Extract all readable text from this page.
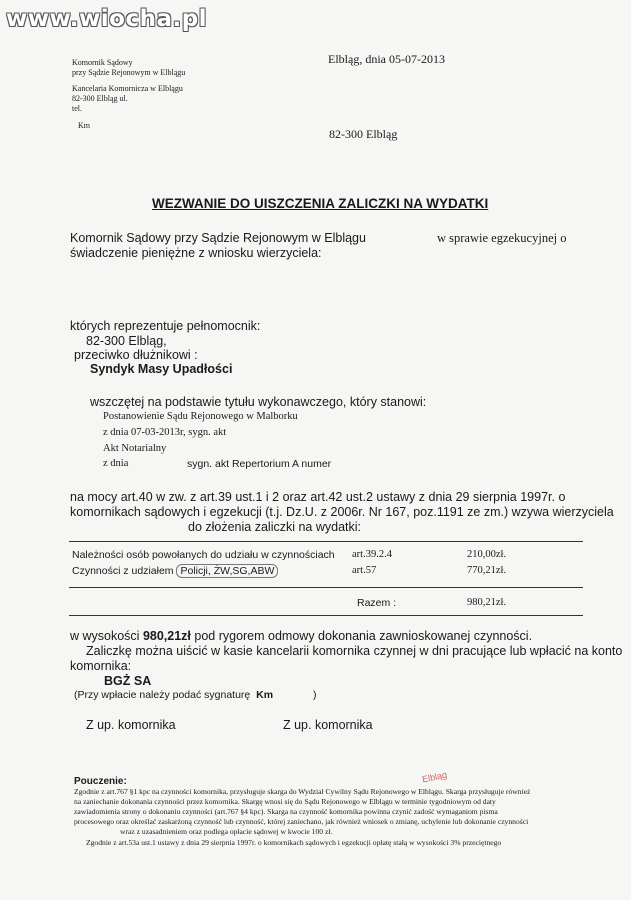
www.wiocha.pl
Komornik Sądowy
przy Sądzie Rejonowym w Elblągu
Kancelaria Komornicza w Elblągu
82-300 Elbląg ul.
tel.
Km
Elbląg, dnia 05-07-2013
82-300 Elbląg
WEZWANIE DO UISZCZENIA ZALICZKI NA WYDATKI
Komornik Sądowy przy Sądzie Rejonowym w Elblągu	w sprawie egzekucyjnej o
świadczenie pieniężne z wniosku wierzyciela:
których reprezentuje pełnomocnik:
82-300 Elbląg,
przeciwko dłużnikowi :
Syndyk Masy Upadłości
wszczętej na podstawie tytułu wykonawczego, który stanowi:
Postanowienie Sądu Rejonowego w Malborku
z dnia 07-03-2013r, sygn. akt
Akt Notarialny
z dnia	sygn. akt Repertorium A numer
na mocy art.40 w zw. z art.39 ust.1 i 2 oraz art.42 ust.2 ustawy z dnia 29 sierpnia 1997r. o
komornikach sądowych i egzekucji (t.j. Dz.U. z 2006r. Nr 167, poz.1191 ze zm.) wzywa wierzyciela
do złożenia zaliczki na wydatki:
Należności osób powołanych do udziału w czynnościach art.39.2.4	210,00zł.
Czynności z udziałem Policji, ŻW,SG,ABW	art.57	770,21zł.
Razem :	980,21zł.
w wysokości 980,21zł pod rygorem odmowy dokonania zawnioskowanej czynności.
Zaliczkę można uiścić w kasie kancelarii komornika czynnej w dni pracujące lub wpłacić na konto
komornika:
BGŻ SA
(Przy wpłacie należy podać sygnaturę Km	)
Z up. komornika	Z up. komornika
Elbląg
Pouczenie:
Zgodnie z art.767 §1 kpc na czynności komornika, przysługuje skarga do Wydział Cywilny Sądu Rejonowego w Elblągu. Skarga przysługuje również
na zaniechanie dokonania czynności przez komornika. Skargę wnosi się do Sądu Rejonowego w Elblągu w terminie tygodniowym od daty
zawiadomienia strony o dokonaniu czynności (art.767 §4 kpc). Skarga na czynność komornika powinna czynić zadość wymaganiom pisma
procesowego oraz określać zaskarżoną czynność lub czynność, której zaniechano, jak również wniosek o zmianę, uchylenie lub dokonanie czynności
wraz z uzasadnieniem oraz podlega opłacie sądowej w kwocie 100 zł.
Zgodnie z art.53a ust.1 ustawy z dnia 29 sierpnia 1997r. o komornikach sądowych i egzekucji opłatę stałą w wysokości 3% przeciętnego
